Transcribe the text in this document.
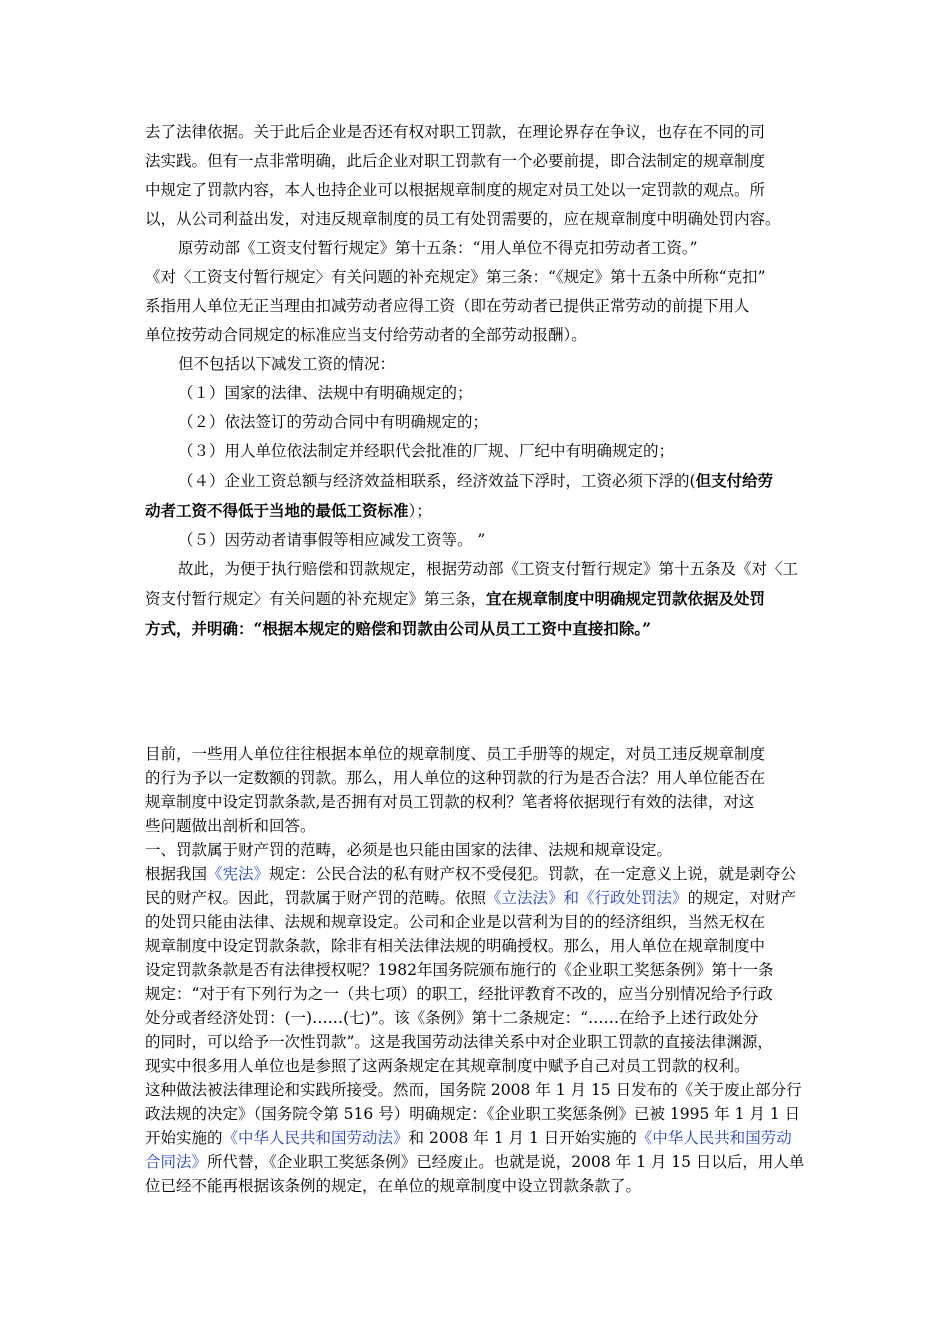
去了法律依据。关于此后企业是否还有权对职工罚款，在理论界存在争议，也存在不同的司

法实践。但有一点非常明确，此后企业对职工罚款有一个必要前提，即合法制定的规章制度

中规定了罚款内容，本人也持企业可以根据规章制度的规定对员工处以一定罚款的观点。所

以，从公司利益出发，对违反规章制度的员工有处罚需要的，应在规章制度中明确处罚内容。

原劳动部《工资支付暂行规定》第十五条：“用人单位不得克扣劳动者工资。”

《对〈工资支付暂行规定〉有关问题的补充规定》第三条：“《规定》第十五条中所称“克扣”

系指用人单位无正当理由扣减劳动者应得工资（即在劳动者已提供正常劳动的前提下用人

单位按劳动合同规定的标准应当支付给劳动者的全部劳动报酬）。

但不包括以下减发工资的情况：

（１）国家的法律、法规中有明确规定的；

（２）依法签订的劳动合同中有明确规定的；

（３）用人单位依法制定并经职代会批准的厂规、厂纪中有明确规定的；

（４）企业工资总额与经济效益相联系，经济效益下浮时，工资必须下浮的(但支付给劳

动者工资不得低于当地的最低工资标准）；

（５）因劳动者请事假等相应减发工资等。 ”

故此，为便于执行赔偿和罚款规定，根据劳动部《工资支付暂行规定》第十五条及《对〈工

资支付暂行规定〉有关问题的补充规定》第三条，宜在规章制度中明确规定罚款依据及处罚

方式，并明确：“根据本规定的赔偿和罚款由公司从员工工资中直接扣除。”

目前，一些用人单位往往根据本单位的规章制度、员工手册等的规定，对员工违反规章制度

的行为予以一定数额的罚款。那么，用人单位的这种罚款的行为是否合法？用人单位能否在

规章制度中设定罚款条款,是否拥有对员工罚款的权利？笔者将依据现行有效的法律，对这

些问题做出剖析和回答。

一、罚款属于财产罚的范畴，必须是也只能由国家的法律、法规和规章设定。

根据我国《宪法》规定：公民合法的私有财产权不受侵犯。罚款，在一定意义上说，就是剥夺公

民的财产权。因此，罚款属于财产罚的范畴。依照《立法法》和《行政处罚法》的规定，对财产

的处罚只能由法律、法规和规章设定。公司和企业是以营利为目的的经济组织，当然无权在

规章制度中设定罚款条款，除非有相关法律法规的明确授权。那么，用人单位在规章制度中

设定罚款条款是否有法律授权呢？1982年国务院颁布施行的《企业职工奖惩条例》第十一条

规定：“对于有下列行为之一（共七项）的职工，经批评教育不改的，应当分别情况给予行政

处分或者经济处罚：(一)……(七)”。该《条例》第十二条规定：“……在给予上述行政处分

的同时，可以给予一次性罚款”。这是我国劳动法律关系中对企业职工罚款的直接法律渊源，

现实中很多用人单位也是参照了这两条规定在其规章制度中赋予自己对员工罚款的权利。

这种做法被法律理论和实践所接受。然而，国务院 2008 年 1 月 15 日发布的《关于废止部分行

政法规的决定》（国务院令第 516 号）明确规定：《企业职工奖惩条例》已被 1995 年 1 月 1 日

开始实施的《中华人民共和国劳动法》和 2008 年 1 月 1 日开始实施的《中华人民共和国劳动

合同法》所代替，《企业职工奖惩条例》已经废止。也就是说，2008 年 1 月 15 日以后，用人单

位已经不能再根据该条例的规定，在单位的规章制度中设立罚款条款了。
